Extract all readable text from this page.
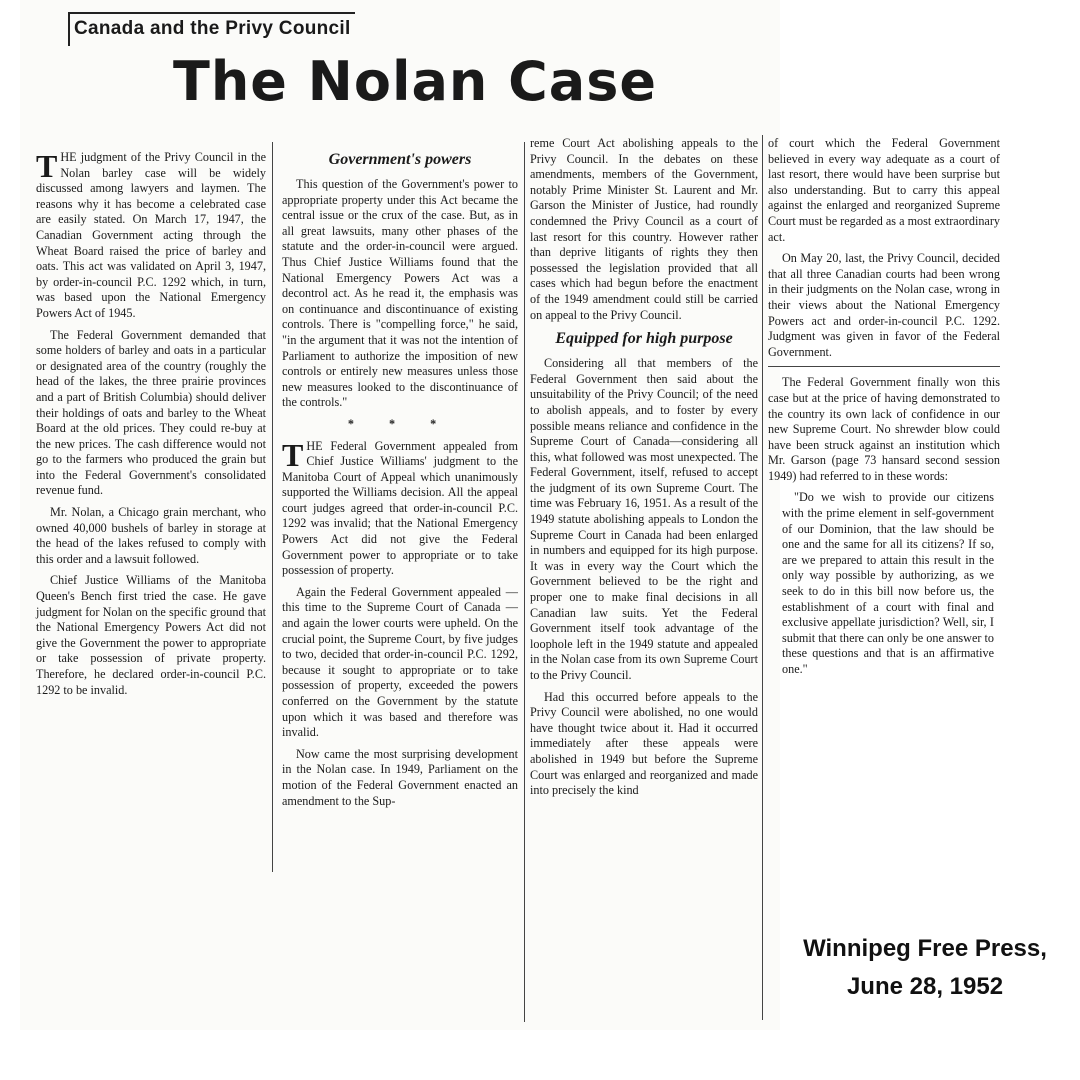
Canada and the Privy Council
The Nolan Case

THE judgment of the Privy Council in the Nolan barley case will be widely discussed among lawyers and laymen. The reasons why it has become a celebrated case are easily stated. On March 17, 1947, the Canadian Government acting through the Wheat Board raised the price of barley and oats. This act was validated on April 3, 1947, by order-in-council P.C. 1292 which, in turn, was based upon the National Emergency Powers Act of 1945.

The Federal Government demanded that some holders of barley and oats in a particular or designated area of the country (roughly the head of the lakes, the three prairie provinces and a part of British Columbia) should deliver their holdings of oats and barley to the Wheat Board at the old prices. They could re-buy at the new prices. The cash difference would not go to the farmers who produced the grain but into the Federal Government's consolidated revenue fund.

Mr. Nolan, a Chicago grain merchant, who owned 40,000 bushels of barley in storage at the head of the lakes refused to comply with this order and a lawsuit followed.

Chief Justice Williams of the Manitoba Queen's Bench first tried the case. He gave judgment for Nolan on the specific ground that the National Emergency Powers Act did not give the Government the power to appropriate or take possession of private property. Therefore, he declared order-in-council P.C. 1292 to be invalid.

Government's powers

This question of the Government's power to appropriate property under this Act became the central issue or the crux of the case. But, as in all great lawsuits, many other phases of the statute and the order-in-council were argued. Thus Chief Justice Williams found that the National Emergency Powers Act was a decontrol act. As he read it, the emphasis was on continuance and discontinuance of existing controls. There is "compelling force," he said, "in the argument that it was not the intention of Parliament to authorize the imposition of new controls or entirely new measures unless those new measures looked to the discontinuance of the controls."

* * *

THE Federal Government appealed from Chief Justice Williams' judgment to the Manitoba Court of Appeal which unanimously supported the Williams decision. All the appeal court judges agreed that order-in-council P.C. 1292 was invalid; that the National Emergency Powers Act did not give the Federal Government power to appropriate or to take possession of property.

Again the Federal Government appealed — this time to the Supreme Court of Canada — and again the lower courts were upheld. On the crucial point, the Supreme Court, by five judges to two, decided that order-in-council P.C. 1292, because it sought to appropriate or to take possession of property, exceeded the powers conferred on the Government by the statute upon which it was based and therefore was invalid.

Now came the most surprising development in the Nolan case. In 1949, Parliament on the motion of the Federal Government enacted an amendment to the Sup-

reme Court Act abolishing appeals to the Privy Council. In the debates on these amendments, members of the Government, notably Prime Minister St. Laurent and Mr. Garson the Minister of Justice, had roundly condemned the Privy Council as a court of last resort for this country. However rather than deprive litigants of rights they then possessed the legislation provided that all cases which had begun before the enactment of the 1949 amendment could still be carried on appeal to the Privy Council.

Equipped for high purpose

Considering all that members of the Federal Government then said about the unsuitability of the Privy Council; of the need to abolish appeals, and to foster by every possible means reliance and confidence in the Supreme Court of Canada—considering all this, what followed was most unexpected. The Federal Government, itself, refused to accept the judgment of its own Supreme Court. The time was February 16, 1951. As a result of the 1949 statute abolishing appeals to London the Supreme Court in Canada had been enlarged in numbers and equipped for its high purpose. It was in every way the Court which the Government believed to be the right and proper one to make final decisions in all Canadian law suits. Yet the Federal Government itself took advantage of the loophole left in the 1949 statute and appealed in the Nolan case from its own Supreme Court to the Privy Council.

Had this occurred before appeals to the Privy Council were abolished, no one would have thought twice about it. Had it occurred immediately after these appeals were abolished in 1949 but before the Supreme Court was enlarged and reorganized and made into precisely the kind

of court which the Federal Government believed in every way adequate as a court of last resort, there would have been surprise but also understanding. But to carry this appeal against the enlarged and reorganized Supreme Court must be regarded as a most extraordinary act.

On May 20, last, the Privy Council, decided that all three Canadian courts had been wrong in their judgments on the Nolan case, wrong in their views about the National Emergency Powers act and order-in-council P.C. 1292. Judgment was given in favor of the Federal Government.

The Federal Government finally won this case but at the price of having demonstrated to the country its own lack of confidence in our new Supreme Court. No shrewder blow could have been struck against an institution which Mr. Garson (page 73 hansard second session 1949) had referred to in these words:

"Do we wish to provide our citizens with the prime element in self-government of our Dominion, that the law should be one and the same for all its citizens? If so, are we prepared to attain this result in the only way possible by authorizing, as we seek to do in this bill now before us, the establishment of a court with final and exclusive appellate jurisdiction? Well, sir, I submit that there can only be one answer to these questions and that is an affirmative one."

Winnipeg Free Press,
June 28, 1952
